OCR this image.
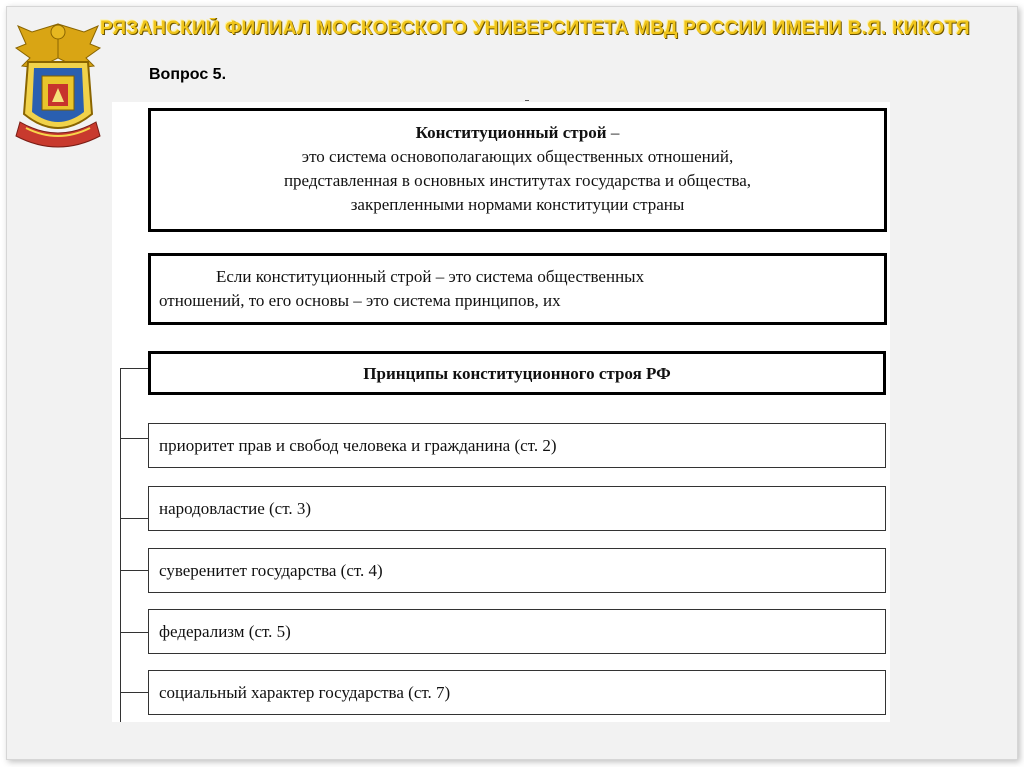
РЯЗАНСКИЙ ФИЛИАЛ МОСКОВСКОГО УНИВЕРСИТЕТА МВД РОССИИ ИМЕНИ В.Я. КИКОТЯ
Вопрос 5.
Конституционный строй –
это система основополагающих общественных отношений,
представленная в основных институтах государства и общества,
закрепленными нормами конституции страны
Если конституционный строй – это система общественных
отношений, то его основы – это система принципов, их
Принципы конституционного строя РФ
приоритет прав и свобод человека и гражданина (ст. 2)
народовластие (ст. 3)
суверенитет государства (ст. 4)
федерализм (ст. 5)
социальный характер государства (ст. 7)
